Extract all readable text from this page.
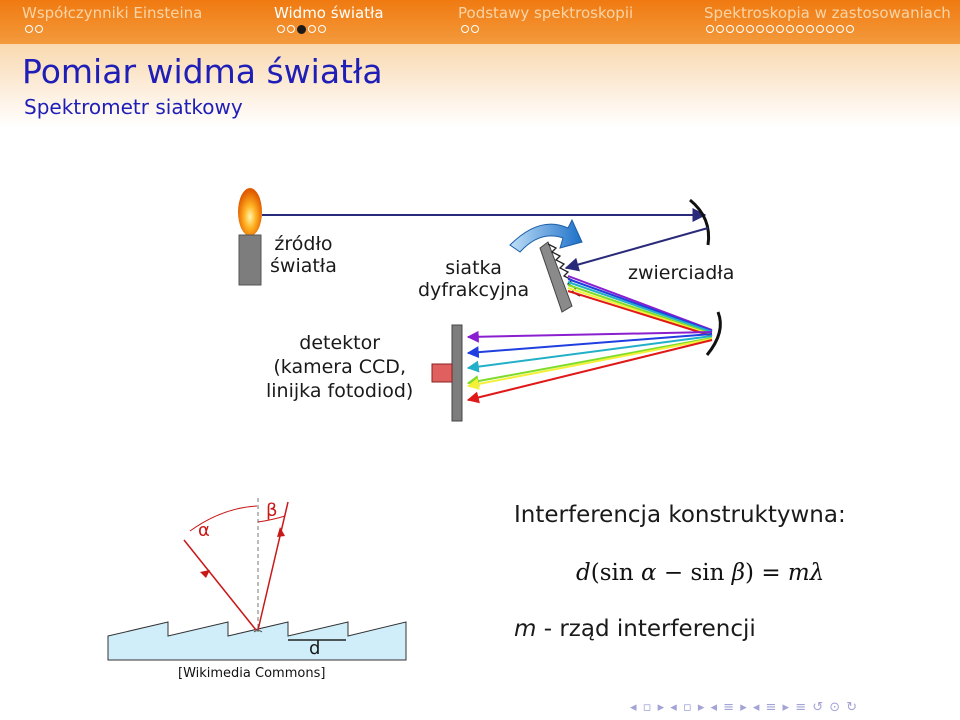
Współczynniki Einsteina	Widmo światła	Podstawy spektroskopii	Spektroskopia w zastosowaniach
Pomiar widma światła
Spektrometr siatkowy
źródło
światła	siatka
dyfrakcyjna
zwierciadła
detektor
(kamera CCD,
linijka fotodiod)
α
β
d
[Wikimedia Commons]
Interferencja konstruktywna:
d(sin α − sin β) = mλ
m - rząd interferencji
◂ ▫ ▸ ◂ ▫ ▸ ◂ ≡ ▸ ◂ ≡ ▸ ≡ ↺ ⊙ ↻
